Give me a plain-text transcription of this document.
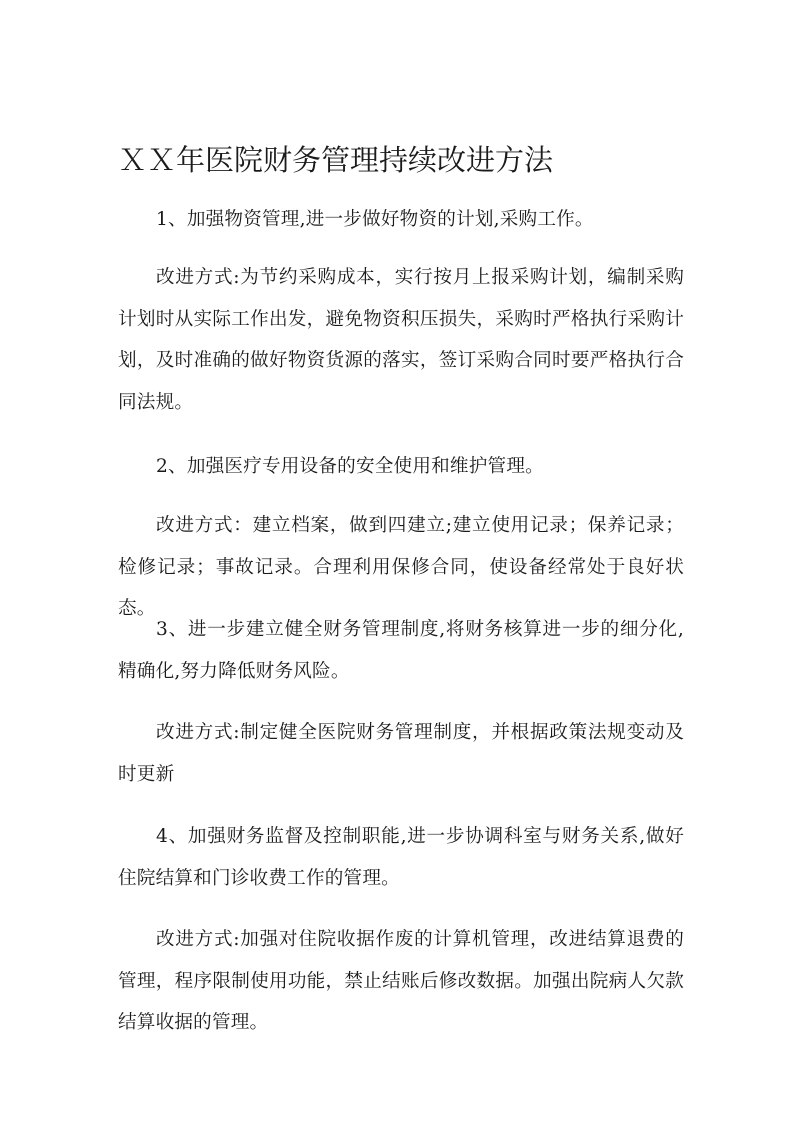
ＸＸ年医院财务管理持续改进方法

1、加强物资管理,进一步做好物资的计划,采购工作。

改进方式:为节约采购成本，实行按月上报采购计划，编制采购计划时从实际工作出发，避免物资积压损失，采购时严格执行采购计划，及时准确的做好物资货源的落实，签订采购合同时要严格执行合同法规。

2、加强医疗专用设备的安全使用和维护管理。

改进方式：建立档案，做到四建立;建立使用记录；保养记录；检修记录；事故记录。合理利用保修合同，使设备经常处于良好状态。

3、进一步建立健全财务管理制度,将财务核算进一步的细分化,精确化,努力降低财务风险。

改进方式:制定健全医院财务管理制度，并根据政策法规变动及时更新

4、加强财务监督及控制职能,进一步协调科室与财务关系,做好住院结算和门诊收费工作的管理。

改进方式:加强对住院收据作废的计算机管理，改进结算退费的管理，程序限制使用功能，禁止结账后修改数据。加强出院病人欠款结算收据的管理。
